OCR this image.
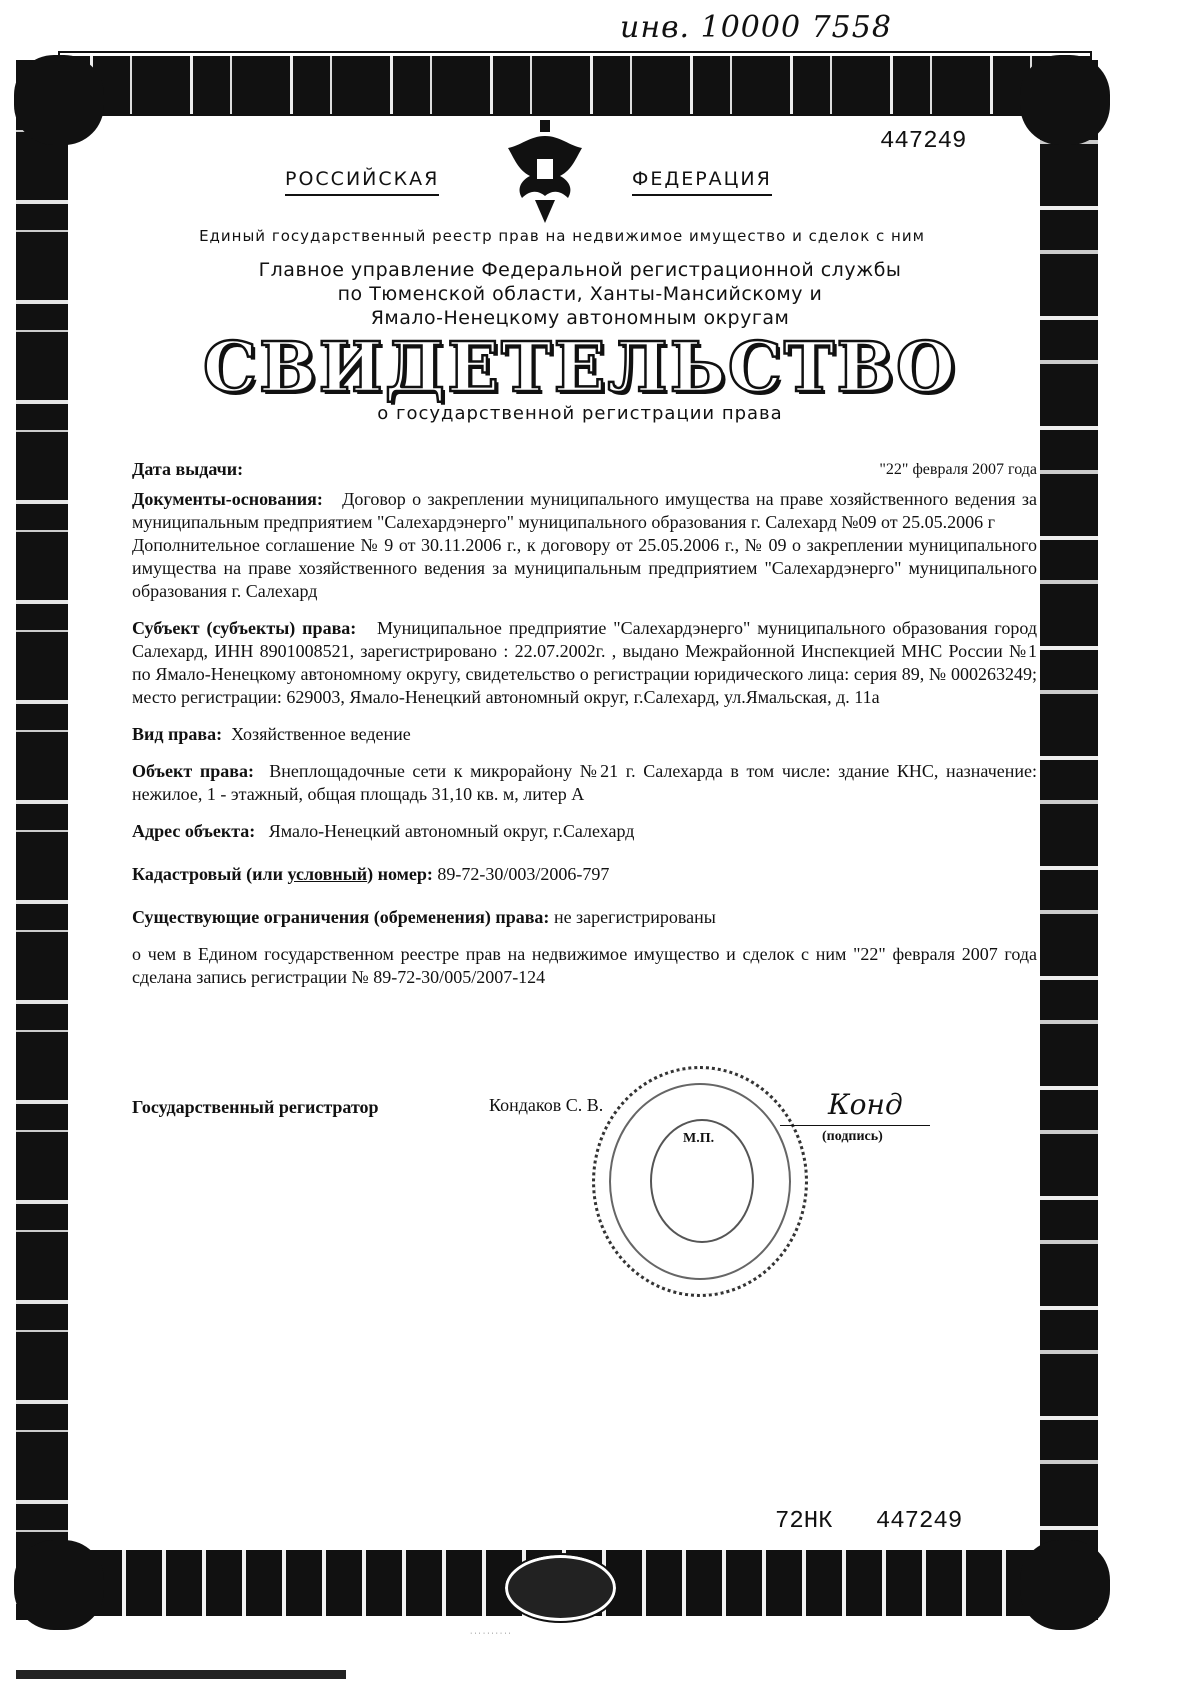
· · · · · · · · · ·
инв. 10000 7558
447249
РОССИЙСКАЯ	ФЕДЕРАЦИЯ
Единый государственный реестр прав на недвижимое имущество и сделок с ним
Главное управление Федеральной регистрационной службы
по Тюменской области, Ханты-Мансийскому и
Ямало-Ненецкому автономным округам
СВИДЕТЕЛЬСТВО
о государственной регистрации права
Дата выдачи:	"22" февраля 2007 года
Документы-основания: Договор о закреплении муниципального имущества на праве хозяйственного ведения за муниципальным предприятием "Салехардэнерго" муниципального образования г. Салехард №09 от 25.05.2006 г
Дополнительное соглашение № 9 от 30.11.2006 г., к договору от 25.05.2006 г., № 09 о закреплении муниципального имущества на праве хозяйственного ведения за муниципальным предприятием "Салехардэнерго" муниципального образования г. Салехард
Субъект (субъекты) права: Муниципальное предприятие "Салехардэнерго" муниципального образования город Салехард, ИНН 8901008521, зарегистрировано : 22.07.2002г. , выдано Межрайонной Инспекцией МНС России №1 по Ямало-Ненецкому автономному округу, свидетельство о регистрации юридического лица: серия 89, № 000263249; место регистрации: 629003, Ямало-Ненецкий автономный округ, г.Салехард, ул.Ямальская, д. 11а
Вид права: Хозяйственное ведение
Объект права: Внеплощадочные сети к микрорайону №21 г. Салехарда в том числе: здание КНС, назначение: нежилое, 1 - этажный, общая площадь 31,10 кв. м, литер А
Адрес объекта: Ямало-Ненецкий автономный округ, г.Салехард
Кадастровый (или условный) номер: 89-72-30/003/2006-797
Существующие ограничения (обременения) права: не зарегистрированы
о чем в Едином государственном реестре прав на недвижимое имущество и сделок с ним "22" февраля 2007 года сделана запись регистрации № 89-72-30/005/2007-124
Государственный регистратор	Кондаков С. В.
М.П.
Конд
(подпись)
72НК   447249
